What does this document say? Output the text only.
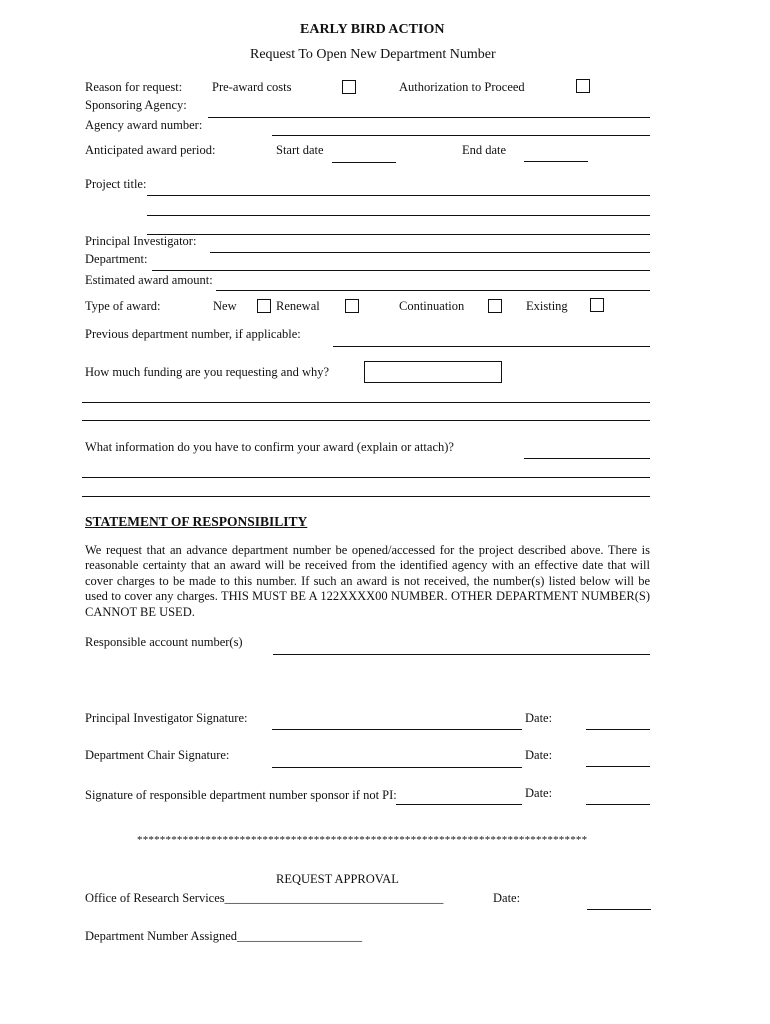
EARLY BIRD ACTION
Request To Open New Department Number
Reason for request: Pre-award costs	Authorization to Proceed
Sponsoring Agency:
Agency award number:
Anticipated award period:	Start date	End date
Project title:
Principal Investigator:
Department:
Estimated award amount:
Type of award:	New	Renewal	Continuation	Existing
Previous department number, if applicable:
How much funding are you requesting and why?
What information do you have to confirm your award (explain or attach)?
STATEMENT OF RESPONSIBILITY
We request that an advance department number be opened/accessed for the project described above. There is reasonable certainty that an award will be received from the identified agency with an effective date that will cover charges to be made to this number. If such an award is not received, the number(s) listed below will be used to cover any charges. THIS MUST BE A 122XXXX00 NUMBER. OTHER DEPARTMENT NUMBER(S) CANNOT BE USED.
Responsible account number(s)
Principal Investigator Signature:	Date:
Department Chair Signature:	Date:
Signature of responsible department number sponsor if not PI:	Date:
*******************************************************************************
REQUEST APPROVAL
Office of Research Services___________________________________	Date:
Department Number Assigned____________________
